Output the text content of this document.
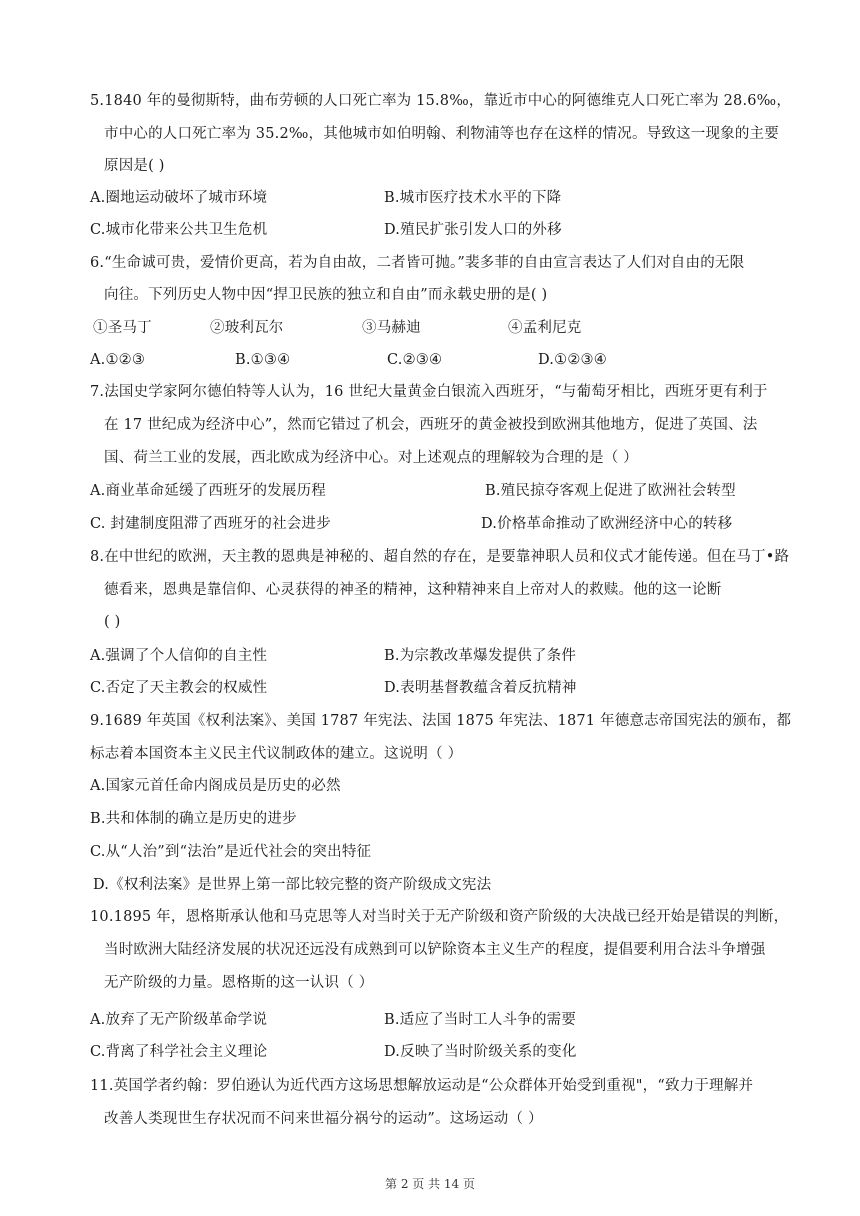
5.1840 年的曼彻斯特，曲布劳顿的人口死亡率为 15.8‰，靠近市中心的阿德维克人口死亡率为 28.6‰，
市中心的人口死亡率为 35.2‰，其他城市如伯明翰、利物浦等也存在这样的情况。导致这一现象的主要
原因是( )
A.圈地运动破坏了城市环境	B.城市医疗技术水平的下降
C.城市化带来公共卫生危机	D.殖民扩张引发人口的外移
6.“生命诚可贵，爱情价更高，若为自由故，二者皆可抛。”裴多菲的自由宣言表达了人们对自由的无限
向往。下列历史人物中因“捍卫民族的独立和自由”而永载史册的是( )
①圣马丁	②玻利瓦尔	③马赫迪	④孟利尼克
A.①②③	B.①③④	C.②③④	D.①②③④
7.法国史学家阿尔德伯特等人认为，16 世纪大量黄金白银流入西班牙，“与葡萄牙相比，西班牙更有利于
在 17 世纪成为经济中心”，然而它错过了机会，西班牙的黄金被投到欧洲其他地方，促进了英国、法
国、荷兰工业的发展，西北欧成为经济中心。对上述观点的理解较为合理的是（ ）
A.商业革命延缓了西班牙的发展历程	B.殖民掠夺客观上促进了欧洲社会转型
C. 封建制度阻滞了西班牙的社会进步	D.价格革命推动了欧洲经济中心的转移
8.在中世纪的欧洲，天主教的恩典是神秘的、超自然的存在，是要靠神职人员和仪式才能传递。但在马丁•路
德看来，恩典是靠信仰、心灵获得的神圣的精神，这种精神来自上帝对人的救赎。他的这一论断
( )
A.强调了个人信仰的自主性	B.为宗教改革爆发提供了条件
C.否定了天主教会的权威性	D.表明基督教蕴含着反抗精神
9.1689 年英国《权利法案》、美国 1787 年宪法、法国 1875 年宪法、1871 年德意志帝国宪法的颁布，都
标志着本国资本主义民主代议制政体的建立。这说明（ ）
A.国家元首任命内阁成员是历史的必然
B.共和体制的确立是历史的进步
C.从“人治”到“法治”是近代社会的突出特征
D.《权利法案》是世界上第一部比较完整的资产阶级成文宪法
10.1895 年，恩格斯承认他和马克思等人对当时关于无产阶级和资产阶级的大决战已经开始是错误的判断，
当时欧洲大陆经济发展的状况还远没有成熟到可以铲除资本主义生产的程度，提倡要利用合法斗争增强
无产阶级的力量。恩格斯的这一认识（ ）
A.放弃了无产阶级革命学说	B.适应了当时工人斗争的需要
C.背离了科学社会主义理论	D.反映了当时阶级关系的变化
11.英国学者约翰：罗伯逊认为近代西方这场思想解放运动是“公众群体开始受到重视"，“致力于理解并
改善人类现世生存状况而不问来世福分祸兮的运动”。这场运动（ ）
第 2 页 共 14 页
